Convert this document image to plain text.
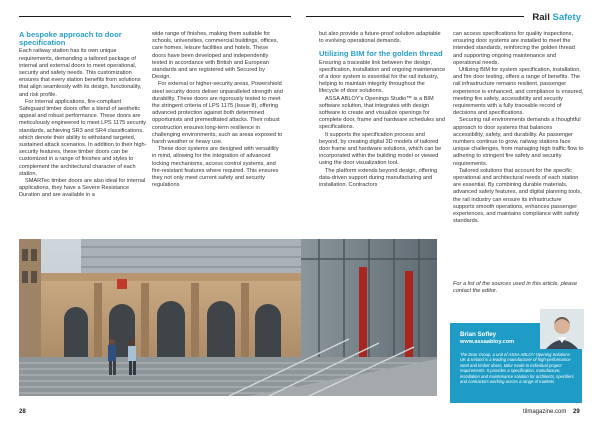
Rail Safety
A bespoke approach to door specification

Each railway station has its own unique requirements, demanding a tailored package of internal and external doors to meet operational, security and safety needs. This customization ensures that every station benefits from solutions that align seamlessly with its design, functionality, and risk profile.

For internal applications, fire-compliant Safeguard timber doors offer a blend of aesthetic appeal and robust performance. These doors are meticulously engineered to meet LPS 1175 security standards, achieving SR3 and SR4 classifications, which denote their ability to withstand targeted, sustained attack scenarios. In addition to their high-security features, these timber doors can be customized in a range of finishes and styles to complement the architectural character of each station.

SMARTec timber doors are also ideal for internal applications, they have a Severe Resistance Duration and are available in a

wide range of finishes, making them suitable for schools, universities, commercial buildings, offices, care homes, leisure facilities and hotels. These doors have been developed and independently tested in accordance with British and European standards and are registered with Secured by Design.

For external or higher-security areas, Powershield steel security doors deliver unparalleled strength and durability. These doors are rigorously tested to meet the stringent criteria of LPS 1175 (Issue 8), offering advanced protection against both determined opportunists and premeditated attacks. Their robust construction ensures long-term resilience in challenging environments, such as areas exposed to harsh weather or heavy use.

These door systems are designed with versatility in mind, allowing for the integration of advanced locking mechanisms, access control systems, and fire-resistant features where required. This ensures they not only meet current safety and security regulations

but also provide a future-proof solution adaptable to evolving operational demands.

Utilizing BIM for the golden thread

Ensuring a traceable link between the design, specification, installation and ongoing maintenance of a door system is essential for the rail industry, helping to maintain integrity throughout the lifecycle of door solutions.

ASSA ABLOY's Openings Studio™ is a BIM software solution, that integrates with design software to create and visualize openings for complete door, frame and hardware schedules and specifications.

It supports the specification process and beyond, by creating digital 3D models of tailored door frame and hardware solutions, which can be incorporated within the building model or viewed using the door visualization tool.

The platform extends beyond design, offering data-driven support during manufacturing and installation. Contractors

can access specifications for quality inspections, ensuring door systems are installed to meet the intended standards, reinforcing the golden thread and supporting ongoing maintenance and operational needs.

Utilizing BIM for system specification, installation, and fire door testing, offers a range of benefits. The rail infrastructure remains resilient, passenger experience is enhanced, and compliance is ensured, meeting fire safety, accessibility and security requirements with a fully traceable record of decisions and specifications.

Securing rail environments demands a thoughtful approach to door systems that balances accessibility, safety, and durability. As passenger numbers continue to grow, railway stations face unique challenges, from managing high traffic flow to adhering to stringent fire safety and security requirements.

Tailored solutions that account for the specific operational and architectural needs of each station are essential. By combining durable materials, advanced safety features, and digital planning tools, the rail industry can ensure its infrastructure supports smooth operations, enhances passenger experiences, and maintains compliance with safety standards.

For a list of the sources used in this article, please contact the editor.
Brian Sofley
www.assaabloy.com
The Door Group, a unit of ASSA ABLOY Opening Solutions UK & Ireland is a leading manufacturer of high-performance steel and timber doors, tailor made to individual project requirements. It provides a specification, manufacture, installation and maintenance solution for architects, specifiers and contractors working across a range of markets.
28	tilmagazine.com 29
